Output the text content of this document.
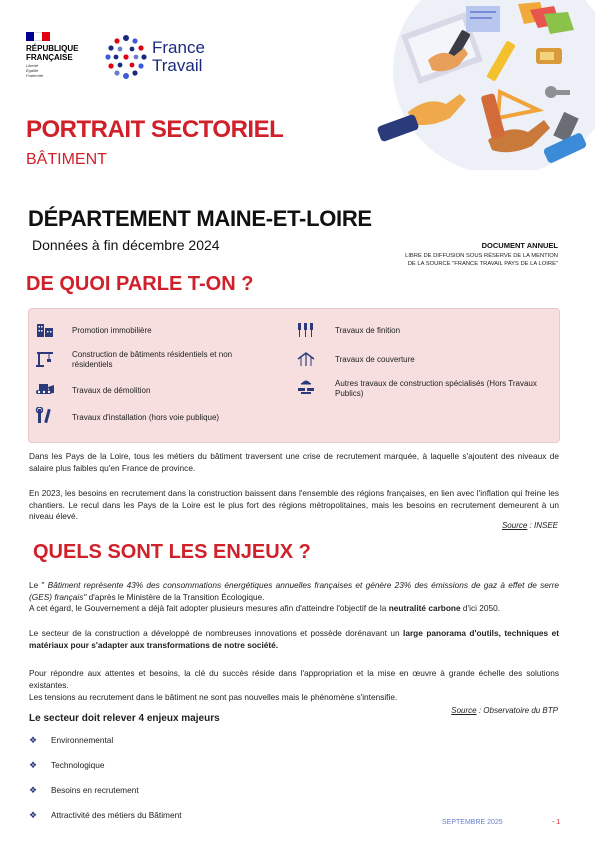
RÉPUBLIQUE
FRANÇAISE
Liberté
Égalité
Fraternité
France
Travail
PORTRAIT SECTORIEL
BÂTIMENT
DÉPARTEMENT MAINE-ET-LOIRE
Données à fin décembre 2024	DOCUMENT ANNUEL
LIBRE DE DIFFUSION SOUS RÉSERVE DE LA MENTION
DE LA SOURCE "FRANCE TRAVAIL PAYS DE LA LOIRE"
DE QUOI PARLE T-ON ?
Promotion immobilière
Construction de bâtiments résidentiels et non résidentiels
Travaux de démolition
Travaux d'installation (hors voie publique)
Travaux de finition
Travaux de couverture
Autres travaux de construction spécialisés (Hors Travaux Publics)
Dans les Pays de la Loire, tous les métiers du bâtiment traversent une crise de recrutement marquée, à laquelle s'ajoutent des niveaux de salaire plus faibles qu'en France de province.
En 2023, les besoins en recrutement dans la construction baissent dans l'ensemble des régions françaises, en lien avec l'inflation qui freine les chantiers. Le recul dans les Pays de la Loire est le plus fort des régions métropolitaines, mais les besoins en recrutement demeurent à un niveau élevé.
Source : INSEE
QUELS SONT LES ENJEUX ?
Le " Bâtiment représente 43% des consommations énergétiques annuelles françaises et génère 23% des émissions de gaz à effet de serre (GES) français" d'après le Ministère de la Transition Écologique.
A cet égard, le Gouvernement a déjà fait adopter plusieurs mesures afin d'atteindre l'objectif de la neutralité carbone d'ici 2050.
Le secteur de la construction a développé de nombreuses innovations et possède dorénavant un large panorama d'outils, techniques et matériaux pour s'adapter aux transformations de notre société.
Pour répondre aux attentes et besoins, la clé du succès réside dans l'appropriation et la mise en œuvre à grande échelle des solutions existantes.
Les tensions au recrutement dans le bâtiment ne sont pas nouvelles mais le phénomène s'intensifie.
Source : Observatoire du BTP
Le secteur doit relever 4 enjeux majeurs
❖ Environnemental
❖ Technologique
❖ Besoins en recrutement
❖ Attractivité des métiers du Bâtiment
SEPTEMBRE 2025	- 1
